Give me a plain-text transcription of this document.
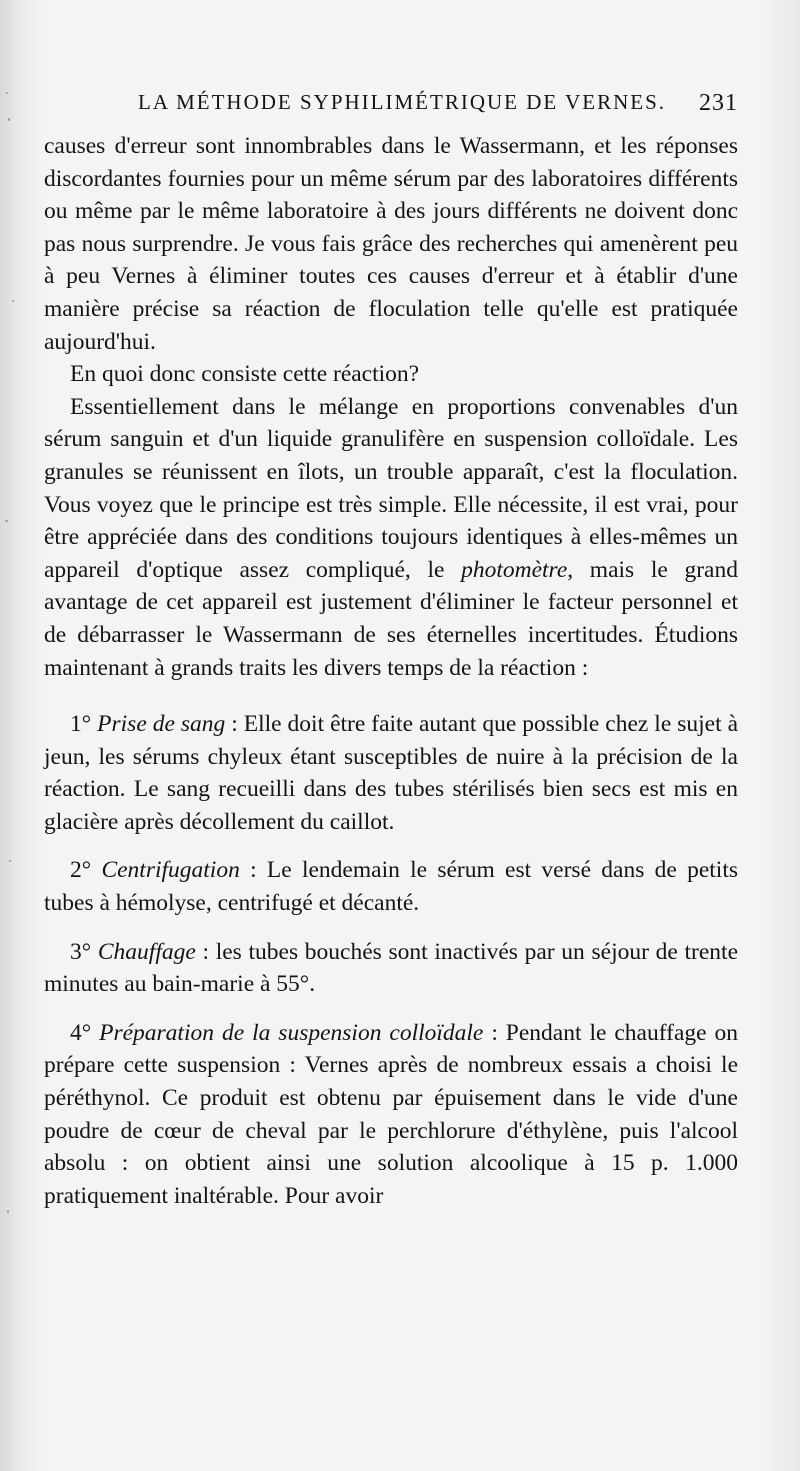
LA MÉTHODE SYPHILIMÉTRIQUE DE VERNES. 231

causes d'erreur sont innombrables dans le Wassermann, et les réponses discordantes fournies pour un même sérum par des laboratoires différents ou même par le même laboratoire à des jours différents ne doivent donc pas nous surprendre. Je vous fais grâce des recherches qui amenèrent peu à peu Vernes à éliminer toutes ces causes d'erreur et à établir d'une manière précise sa réaction de floculation telle qu'elle est pratiquée aujourd'hui.

En quoi donc consiste cette réaction?

Essentiellement dans le mélange en proportions convenables d'un sérum sanguin et d'un liquide granulifère en suspension colloïdale. Les granules se réunissent en îlots, un trouble apparaît, c'est la floculation. Vous voyez que le principe est très simple. Elle nécessite, il est vrai, pour être appréciée dans des conditions toujours identiques à elles-mêmes un appareil d'optique assez compliqué, le photomètre, mais le grand avantage de cet appareil est justement d'éliminer le facteur personnel et de débarrasser le Wassermann de ses éternelles incertitudes. Étudions maintenant à grands traits les divers temps de la réaction :

1° Prise de sang : Elle doit être faite autant que possible chez le sujet à jeun, les sérums chyleux étant susceptibles de nuire à la précision de la réaction. Le sang recueilli dans des tubes stérilisés bien secs est mis en glacière après décollement du caillot.

2° Centrifugation : Le lendemain le sérum est versé dans de petits tubes à hémolyse, centrifugé et décanté.

3° Chauffage : les tubes bouchés sont inactivés par un séjour de trente minutes au bain-marie à 55°.

4° Préparation de la suspension colloïdale : Pendant le chauffage on prépare cette suspension : Vernes après de nombreux essais a choisi le péréthynol. Ce produit est obtenu par épuisement dans le vide d'une poudre de cœur de cheval par le perchlorure d'éthylène, puis l'alcool absolu : on obtient ainsi une solution alcoolique à 15 p. 1.000 pratiquement inaltérable. Pour avoir
